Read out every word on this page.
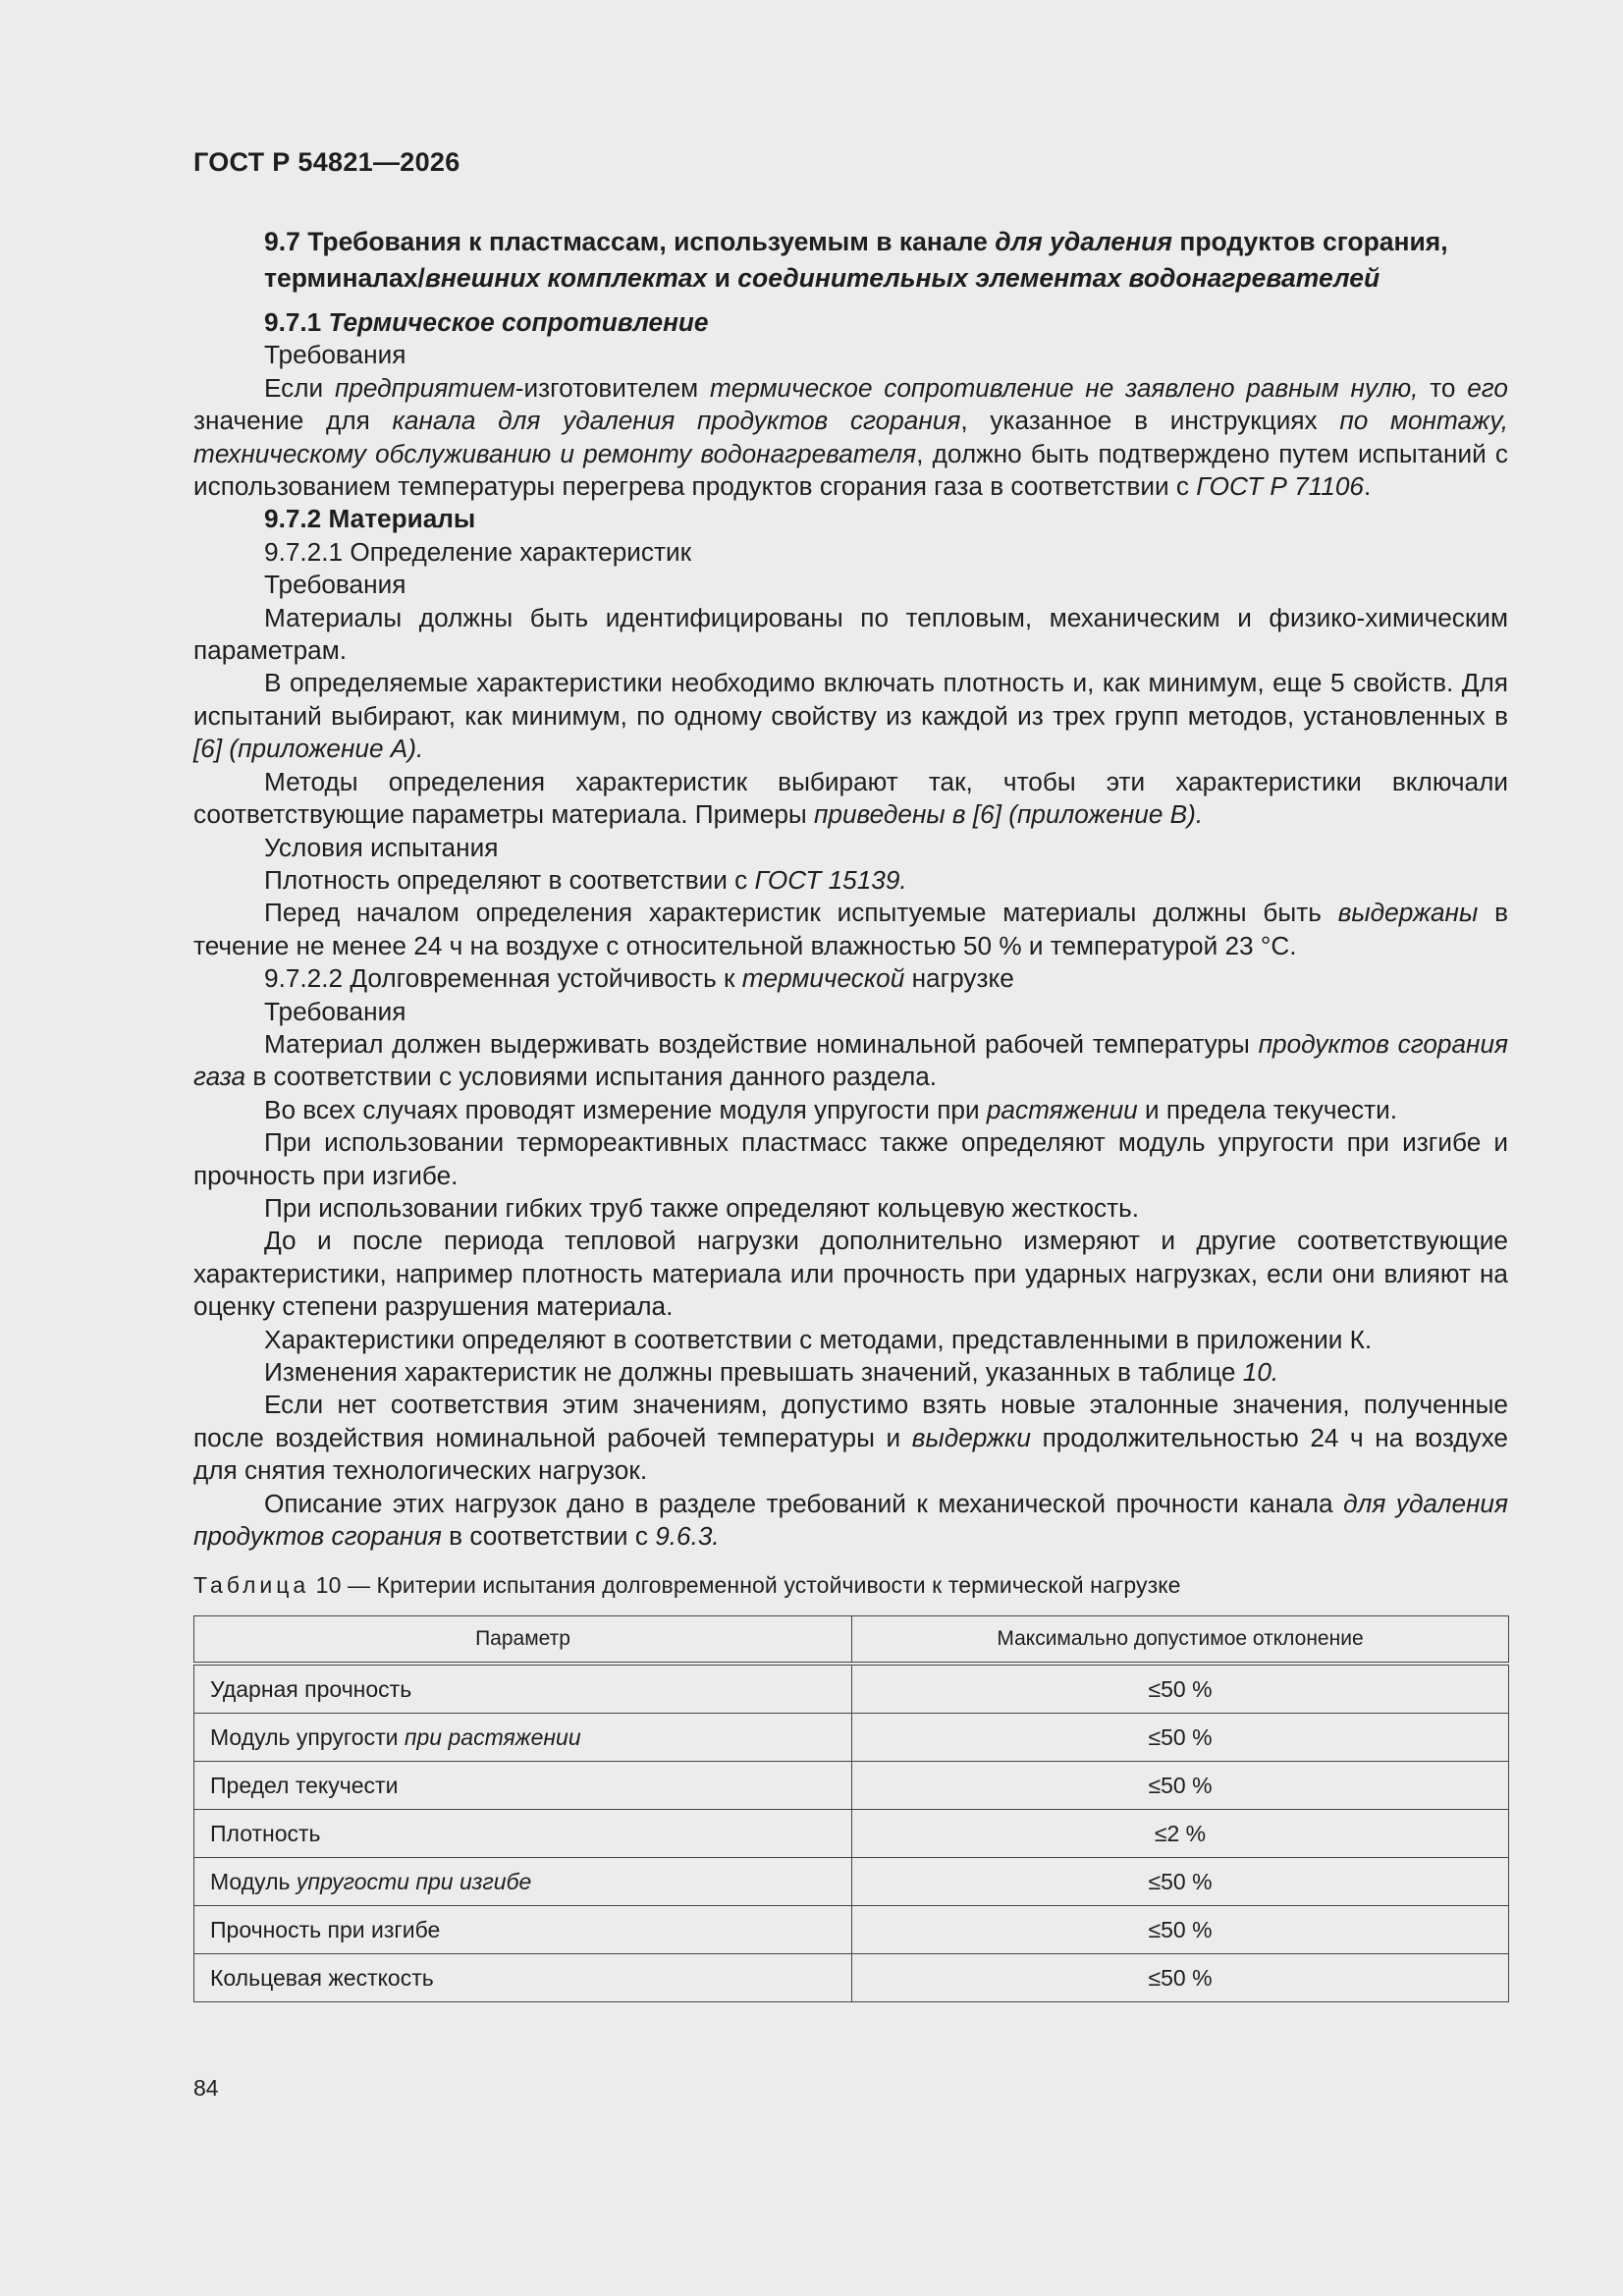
ГОСТ Р 54821—2026

9.7 Требования к пластмассам, используемым в канале для удаления продуктов сгорания, терминалах/внешних комплектах и соединительных элементах водонагревателей

9.7.1 Термическое сопротивление

Требования

Если предприятием-изготовителем термическое сопротивление не заявлено равным нулю, то его значение для канала для удаления продуктов сгорания, указанное в инструкциях по монтажу, техническому обслуживанию и ремонту водонагревателя, должно быть подтверждено путем испытаний с использованием температуры перегрева продуктов сгорания газа в соответствии с ГОСТ Р 71106.

9.7.2 Материалы

9.7.2.1 Определение характеристик

Требования

Материалы должны быть идентифицированы по тепловым, механическим и физико-химическим параметрам.

В определяемые характеристики необходимо включать плотность и, как минимум, еще 5 свойств. Для испытаний выбирают, как минимум, по одному свойству из каждой из трех групп методов, установленных в [6] (приложение А).

Методы определения характеристик выбирают так, чтобы эти характеристики включали соответствующие параметры материала. Примеры приведены в [6] (приложение В).

Условия испытания

Плотность определяют в соответствии с ГОСТ 15139.

Перед началом определения характеристик испытуемые материалы должны быть выдержаны в течение не менее 24 ч на воздухе с относительной влажностью 50 % и температурой 23 °С.

9.7.2.2 Долговременная устойчивость к термической нагрузке

Требования

Материал должен выдерживать воздействие номинальной рабочей температуры продуктов сгорания газа в соответствии с условиями испытания данного раздела.

Во всех случаях проводят измерение модуля упругости при растяжении и предела текучести.

При использовании термореактивных пластмасс также определяют модуль упругости при изгибе и прочность при изгибе.

При использовании гибких труб также определяют кольцевую жесткость.

До и после периода тепловой нагрузки дополнительно измеряют и другие соответствующие характеристики, например плотность материала или прочность при ударных нагрузках, если они влияют на оценку степени разрушения материала.

Характеристики определяют в соответствии с методами, представленными в приложении К.

Изменения характеристик не должны превышать значений, указанных в таблице 10.

Если нет соответствия этим значениям, допустимо взять новые эталонные значения, полученные после воздействия номинальной рабочей температуры и выдержки продолжительностью 24 ч на воздухе для снятия технологических нагрузок.

Описание этих нагрузок дано в разделе требований к механической прочности канала для удаления продуктов сгорания в соответствии с 9.6.3.

Таблица 10 — Критерии испытания долговременной устойчивости к термической нагрузке
Параметр	Максимально допустимое отклонение
Ударная прочность	≤50 %
Модуль упругости при растяжении	≤50 %
Предел текучести	≤50 %
Плотность	≤2 %
Модуль упругости при изгибе	≤50 %
Прочность при изгибе	≤50 %
Кольцевая жесткость	≤50 %
84
